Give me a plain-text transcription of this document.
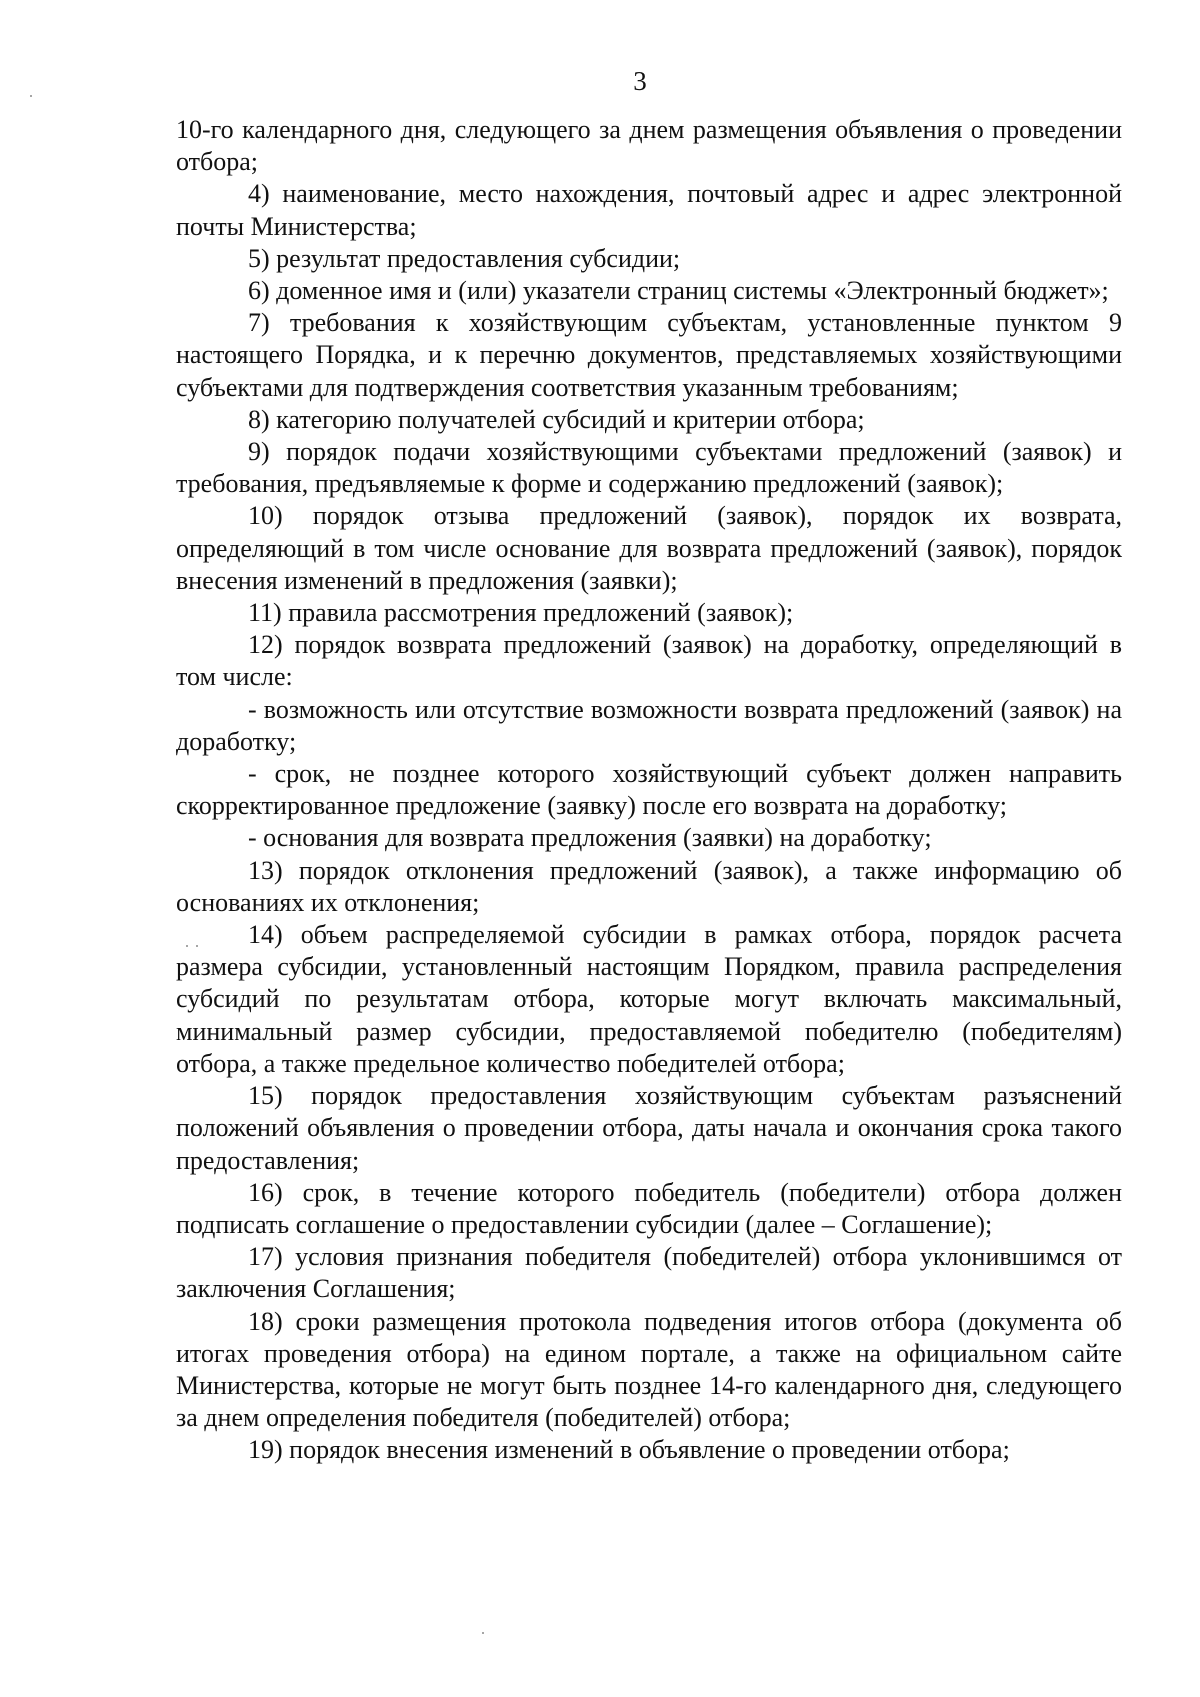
3

10-го календарного дня, следующего за днем размещения объявления о проведении отбора;

4) наименование, место нахождения, почтовый адрес и адрес электронной почты Министерства;

5) результат предоставления субсидии;

6) доменное имя и (или) указатели страниц системы «Электронный бюджет»;

7) требования к хозяйствующим субъектам, установленные пунктом 9 настоящего Порядка, и к перечню документов, представляемых хозяйствующими субъектами для подтверждения соответствия указанным требованиям;

8) категорию получателей субсидий и критерии отбора;

9) порядок подачи хозяйствующими субъектами предложений (заявок) и требования, предъявляемые к форме и содержанию предложений (заявок);

10) порядок отзыва предложений (заявок), порядок их возврата, определяющий в том числе основание для возврата предложений (заявок), порядок внесения изменений в предложения (заявки);

11) правила рассмотрения предложений (заявок);

12) порядок возврата предложений (заявок) на доработку, определяющий в том числе:

- возможность или отсутствие возможности возврата предложений (заявок) на доработку;

- срок, не позднее которого хозяйствующий субъект должен направить скорректированное предложение (заявку) после его возврата на доработку;

- основания для возврата предложения (заявки) на доработку;

13) порядок отклонения предложений (заявок), а также информацию об основаниях их отклонения;

14) объем распределяемой субсидии в рамках отбора, порядок расчета размера субсидии, установленный настоящим Порядком, правила распределения субсидий по результатам отбора, которые могут включать максимальный, минимальный размер субсидии, предоставляемой победителю (победителям) отбора, а также предельное количество победителей отбора;

15) порядок предоставления хозяйствующим субъектам разъяснений положений объявления о проведении отбора, даты начала и окончания срока такого предоставления;

16) срок, в течение которого победитель (победители) отбора должен подписать соглашение о предоставлении субсидии (далее – Соглашение);

17) условия признания победителя (победителей) отбора уклонившимся от заключения Соглашения;

18) сроки размещения протокола подведения итогов отбора (документа об итогах проведения отбора) на едином портале, а также на официальном сайте Министерства, которые не могут быть позднее 14-го календарного дня, следующего за днем определения победителя (победителей) отбора;

19) порядок внесения изменений в объявление о проведении отбора;
